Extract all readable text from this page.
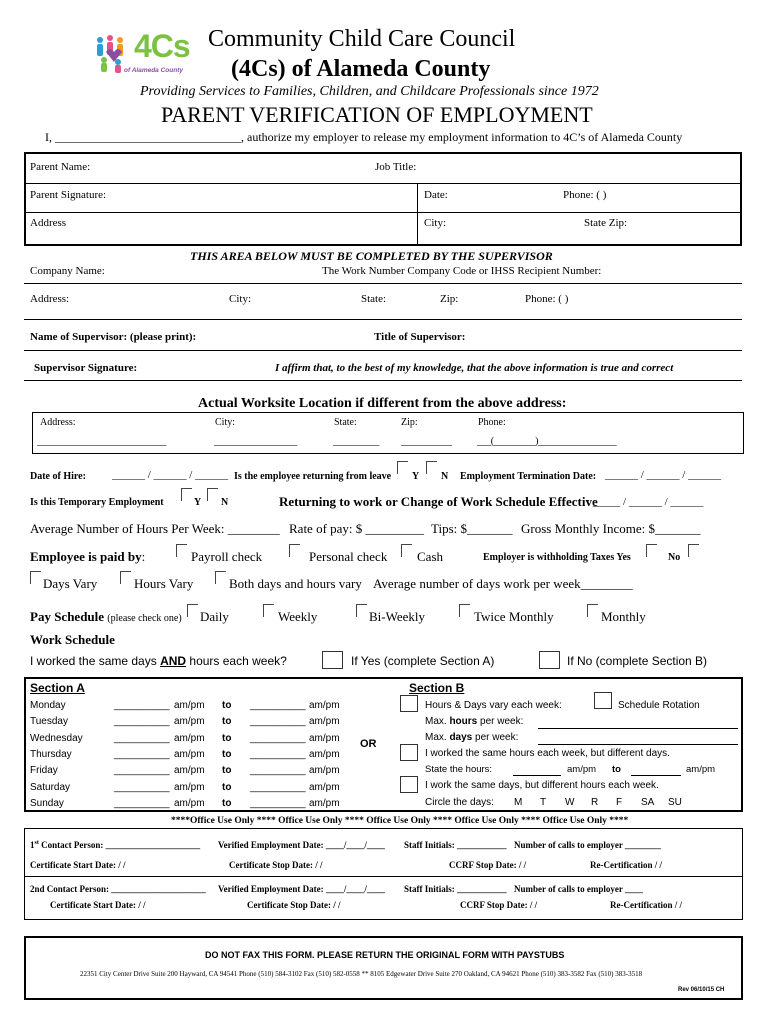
4Cs
of Alameda County
Community Child Care Council
(4Cs) of Alameda County
Providing Services to Families, Children, and Childcare Professionals since 1972
PARENT VERIFICATION OF EMPLOYMENT
I, _______________________________, authorize my employer to release my employment information to 4C’s of Alameda County
Parent Name:	Job Title:
Parent Signature:	Date:	Phone: ( )
Address	City:	State Zip:
THIS AREA BELOW MUST BE COMPLETED BY THE SUPERVISOR
Company Name:	The Work Number Company Code or IHSS Recipient Number:
Address:	City:	State:	Zip:	Phone: ( )
Name of Supervisor: (please print):	Title of Supervisor:
Supervisor Signature:	I affirm that, to the best of my knowledge, that the above information is true and correct
Actual Worksite Location if different from the above address:
Address:	City:	State:	Zip:	Phone:
____________________________	__________________	__________ ___________	___(_________)_________________
Date of Hire: ______ / ______ / ______ Is the employee returning from leave Y N Employment Termination Date: ______ / ______ / ______
Is this Temporary Employment	Y N	Returning to work or Change of Work Schedule Effective
: _____ / ______ / ______
Average Number of Hours Per Week: ________ Rate of pay: $ _________ Tips: $_______ Gross Monthly Income: $_______
Employee is paid by:	Payroll check	Personal check Cash	Employer is withholding Taxes Yes	No
Days Vary	Hours Vary	Both days and hours vary Average number of days work per week________
Pay Schedule (please check one) Daily	Weekly	Bi-Weekly	Twice Monthly	Monthly
Work Schedule
I worked the same days AND hours each week?	If Yes (complete Section A)	If No (complete Section B)
Section A	Section B
Monday	__________ am/pm to __________ am/pm
Tuesday	__________ am/pm to __________ am/pm
Wednesday	__________ am/pm to __________ am/pm
Thursday	__________ am/pm to __________ am/pm
Friday	__________ am/pm to __________ am/pm
Saturday	__________ am/pm to __________ am/pm
Sunday	__________ am/pm to __________ am/pm
OR
Hours & Days vary each week:	Schedule Rotation
Max. hours per week:
Max. days per week:
I worked the same hours each week, but different days.
State the hours:	am/pm to	am/pm
I work the same days, but different hours each week.
Circle the days: M T W R F SA SU
****Office Use Only **** Office Use Only **** Office Use Only **** Office Use Only **** Office Use Only ****
1st Contact Person: _____________________ Verified Employment Date: ____/____/____ Staff Initials: ___________ Number of calls to employer ________
Certificate Start Date: / /	Certificate Stop Date: / /	CCRF Stop Date: / /	Re-Certification / /
2nd Contact Person: _____________________ Verified Employment Date: ____/____/____ Staff Initials: ___________ Number of calls to employer ____
Certificate Start Date: / /	Certificate Stop Date: / /	CCRF Stop Date: / /	Re-Certification / /
DO NOT FAX THIS FORM. PLEASE RETURN THE ORIGINAL FORM WITH PAYSTUBS
22351 City Center Drive Suite 200 Hayward, CA 94541 Phone (510) 584-3102 Fax (510) 582-0558 ** 8105 Edgewater Drive Suite 270 Oakland, CA 94621 Phone (510) 383-3582 Fax (510) 383-3518
Rev 06/10/15 CH
